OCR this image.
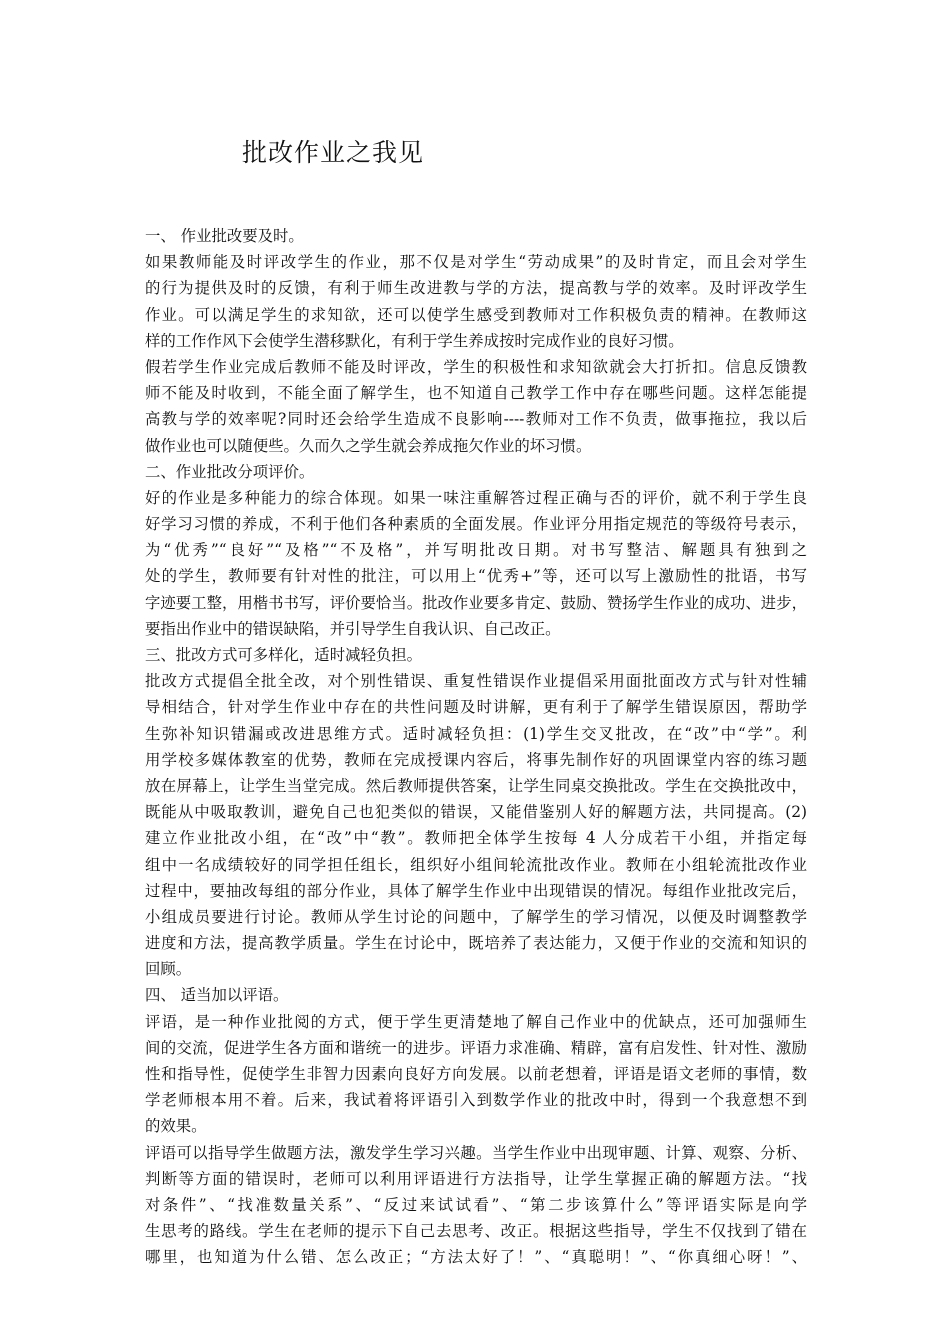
批改作业之我见
一、 作业批改要及时。
如果教师能及时评改学生的作业，那不仅是对学生“劳动成果”的及时肯定，而且会对学生
的行为提供及时的反馈，有利于师生改进教与学的方法，提高教与学的效率。及时评改学生
作业。可以满足学生的求知欲，还可以使学生感受到教师对工作积极负责的精神。在教师这
样的工作作风下会使学生潜移默化，有利于学生养成按时完成作业的良好习惯。
假若学生作业完成后教师不能及时评改，学生的积极性和求知欲就会大打折扣。信息反馈教
师不能及时收到，不能全面了解学生，也不知道自己教学工作中存在哪些问题。这样怎能提
高教与学的效率呢?同时还会给学生造成不良影响----教师对工作不负责，做事拖拉，我以后
做作业也可以随便些。久而久之学生就会养成拖欠作业的坏习惯。
二、作业批改分项评价。
好的作业是多种能力的综合体现。如果一味注重解答过程正确与否的评价，就不利于学生良
好学习习惯的养成，不利于他们各种素质的全面发展。作业评分用指定规范的等级符号表示，
为“优秀”“良好”“及格”“不及格”，并写明批改日期。对书写整洁、解题具有独到之
处的学生，教师要有针对性的批注，可以用上“优秀+”等，还可以写上激励性的批语，书写
字迹要工整，用楷书书写，评价要恰当。批改作业要多肯定、鼓励、赞扬学生作业的成功、进步，
要指出作业中的错误缺陷，并引导学生自我认识、自己改正。
三、批改方式可多样化，适时减轻负担。
批改方式提倡全批全改，对个别性错误、重复性错误作业提倡采用面批面改方式与针对性辅
导相结合，针对学生作业中存在的共性问题及时讲解，更有利于了解学生错误原因，帮助学
生弥补知识错漏或改进思维方式。适时减轻负担：(1)学生交叉批改，在“改”中“学”。利
用学校多媒体教室的优势，教师在完成授课内容后，将事先制作好的巩固课堂内容的练习题
放在屏幕上，让学生当堂完成。然后教师提供答案，让学生同桌交换批改。学生在交换批改中，
既能从中吸取教训，避免自己也犯类似的错误，又能借鉴别人好的解题方法，共同提高。(2)
建立作业批改小组，在“改”中“教”。教师把全体学生按每 4 人分成若干小组，并指定每
组中一名成绩较好的同学担任组长，组织好小组间轮流批改作业。教师在小组轮流批改作业
过程中，要抽改每组的部分作业，具体了解学生作业中出现错误的情况。每组作业批改完后，
小组成员要进行讨论。教师从学生讨论的问题中，了解学生的学习情况，以便及时调整教学
进度和方法，提高教学质量。学生在讨论中，既培养了表达能力，又便于作业的交流和知识的
回顾。
四、 适当加以评语。
评语，是一种作业批阅的方式，便于学生更清楚地了解自己作业中的优缺点，还可加强师生
间的交流，促进学生各方面和谐统一的进步。评语力求准确、精辟，富有启发性、针对性、激励
性和指导性，促使学生非智力因素向良好方向发展。以前老想着，评语是语文老师的事情，数
学老师根本用不着。后来，我试着将评语引入到数学作业的批改中时，得到一个我意想不到
的效果。
评语可以指导学生做题方法，激发学生学习兴趣。当学生作业中出现审题、计算、观察、分析、
判断等方面的错误时，老师可以利用评语进行方法指导，让学生掌握正确的解题方法。“找
对条件”、“找准数量关系”、“反过来试试看”、“第二步该算什么”等评语实际是向学
生思考的路线。学生在老师的提示下自己去思考、改正。根据这些指导，学生不仅找到了错在
哪里，也知道为什么错、怎么改正；“方法太好了！”、“真聪明！”、“你真细心呀！”、
